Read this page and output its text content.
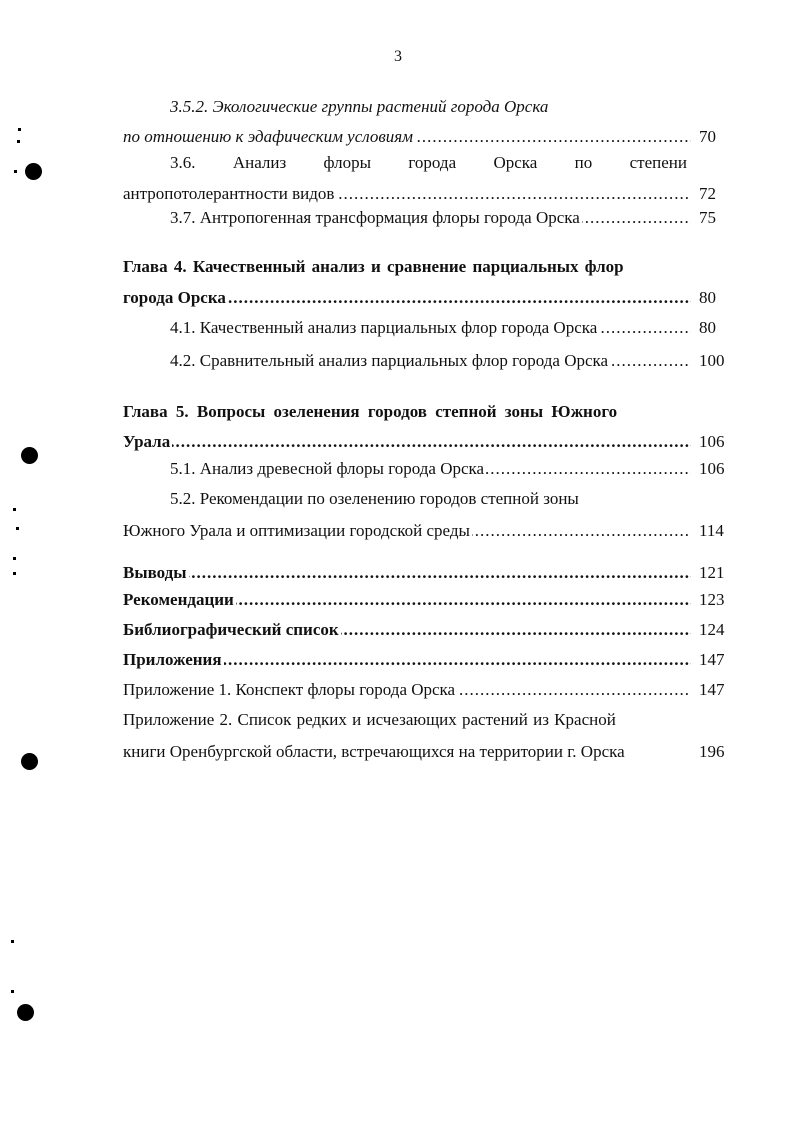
3
3.5.2. Экологические группы растений города Орска
по отношению к эдафическим условиям .....	70
3.6. Анализ флоры города Орска по степени
антропотолерантности видов .....	72
3.7. Антропогенная трансформация флоры города Орска .....	75
Глава 4. Качественный анализ и сравнение парциальных флор
города Орска .....	80
4.1. Качественный анализ парциальных флор города Орска .....	80
4.2. Сравнительный анализ парциальных флор города Орска .....	100
Глава 5. Вопросы озеленения городов степной зоны Южного
Урала .....	106
5.1. Анализ древесной флоры города Орска .....	106
5.2. Рекомендации по озеленению городов степной зоны
Южного Урала и оптимизации городской среды .....	114
Выводы .....	121
Рекомендации .....	123
Библиографический список .....	124
Приложения .....	147
Приложение 1. Конспект флоры города Орска .....	147
Приложение 2. Список редких и исчезающих растений из Красной
книги Оренбургской области, встречающихся на территории г. Орска	196
